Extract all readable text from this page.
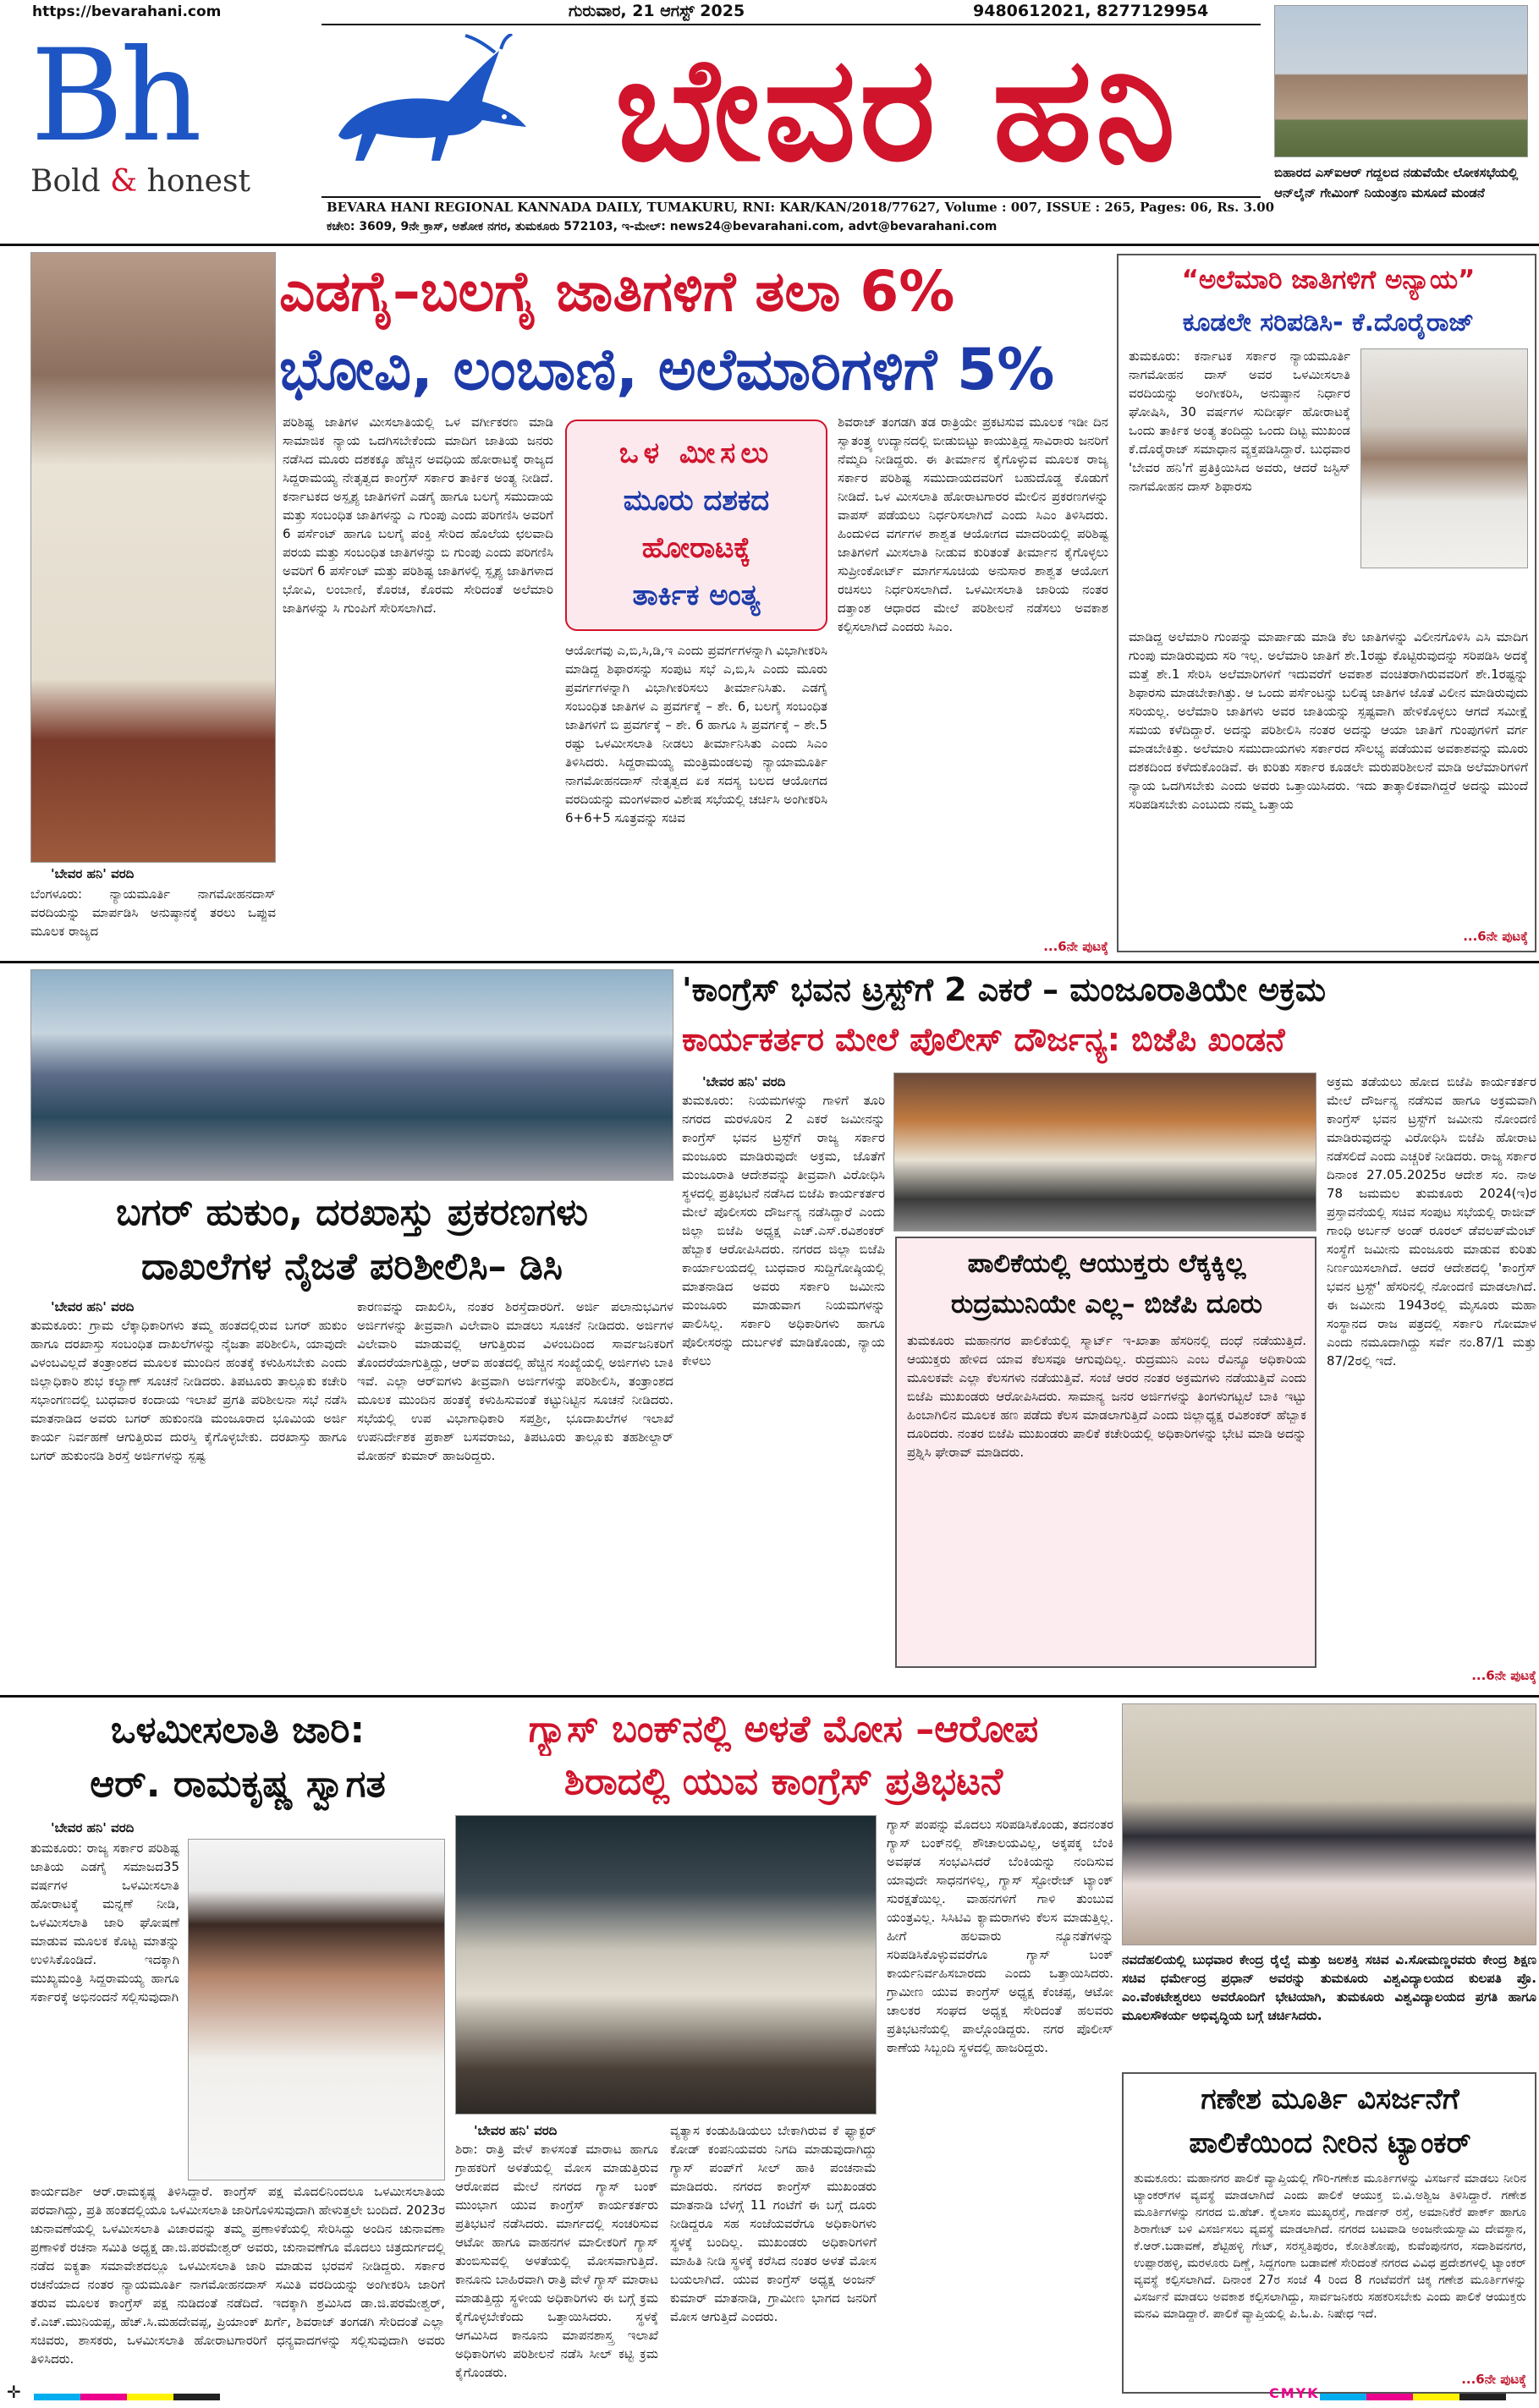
https://bevarahani.com	ಗುರುವಾರ, 21 ಆಗಸ್ಟ್ 2025	9480612021, 8277129954
Bh
Bold & honest	ಬೇವರ ಹನಿ
BEVARA HANI REGIONAL KANNADA DAILY, TUMAKURU, RNI: KAR/KAN/2018/77627, Volume : 007, ISSUE : 265, Pages: 06, Rs. 3.00
ಕಚೇರಿ: 3609, 9ನೇ ಕ್ರಾಸ್, ಅಶೋಕ ನಗರ, ತುಮಕೂರು 572103, ಇ-ಮೇಲ್: news24@bevarahani.com, advt@bevarahani.com
ಬಿಹಾರದ ಎಸ್‌ಐಆರ್ ಗದ್ದಲದ ನಡುವೆಯೇ ಲೋಕಸಭೆಯಲ್ಲಿ ಆನ್‌ಲೈನ್ ಗೇಮಿಂಗ್ ನಿಯಂತ್ರಣ ಮಸೂದೆ ಮಂಡನೆ
'ಬೇವರ ಹನಿ' ವರದಿ
ಬೆಂಗಳೂರು: ನ್ಯಾಯಮೂರ್ತಿ ನಾಗಮೋಹನದಾಸ್ ವರದಿಯನ್ನು ಮಾರ್ಪಡಿಸಿ ಅನುಷ್ಠಾನಕ್ಕೆ ತರಲು ಒಪ್ಪುವ ಮೂಲಕ ರಾಜ್ಯದ
ಎಡಗೈ–ಬಲಗೈ ಜಾತಿಗಳಿಗೆ ತಲಾ 6%
ಭೋವಿ, ಲಂಬಾಣಿ, ಅಲೆಮಾರಿಗಳಿಗೆ 5%
ಪರಿಶಿಷ್ಟ ಜಾತಿಗಳ ಮೀಸಲಾತಿಯಲ್ಲಿ ಒಳ ವರ್ಗೀಕರಣ ಮಾಡಿ ಸಾಮಾಜಿಕ ನ್ಯಾಯ ಒದಗಿಸಬೇಕೆಂದು ಮಾದಿಗ ಜಾತಿಯ ಜನರು ನಡೆಸಿದ ಮೂರು ದಶಕಕ್ಕೂ ಹೆಚ್ಚಿನ ಅವಧಿಯ ಹೋರಾಟಕ್ಕೆ ರಾಜ್ಯದ ಸಿದ್ದರಾಮಯ್ಯ ನೇತೃತ್ವದ ಕಾಂಗ್ರೆಸ್ ಸರ್ಕಾರ ತಾರ್ಕಿಕ ಅಂತ್ಯ ನೀಡಿದೆ. ಕರ್ನಾಟಕದ ಅಸ್ಪೃಶ್ಯ ಜಾತಿಗಳಿಗೆ ಎಡಗೈ ಹಾಗೂ ಬಲಗೈ ಸಮುದಾಯ ಮತ್ತು ಸಂಬಂಧಿತ ಜಾತಿಗಳನ್ನು ಎ ಗುಂಪು ಎಂದು ಪರಿಗಣಿಸಿ ಅವರಿಗೆ 6 ಪರ್ಸೆಂಟ್ ಹಾಗೂ ಬಲಗೈ ಪಂಕ್ತಿ ಸೇರಿದ ಹೊಲೆಯ ಛಲವಾದಿ ಪರಯ ಮತ್ತು ಸಂಬಂಧಿತ ಜಾತಿಗಳನ್ನು ಬಿ ಗುಂಪು ಎಂದು ಪರಿಗಣಿಸಿ ಅವರಿಗೆ 6 ಪರ್ಸೆಂಟ್ ಮತ್ತು ಪರಿಶಿಷ್ಟ ಜಾತಿಗಳಲ್ಲಿ ಸ್ಪೃಶ್ಯ ಜಾತಿಗಳಾದ ಭೋವಿ, ಲಂಬಾಣಿ, ಕೊರಚ, ಕೊರಮ ಸೇರಿದಂತೆ ಅಲೆಮಾರಿ ಜಾತಿಗಳನ್ನು ಸಿ ಗುಂಪಿಗೆ ಸೇರಿಸಲಾಗಿದೆ.
ಒಳ ಮೀಸಲು
ಮೂರು ದಶಕದ
ಹೋರಾಟಕ್ಕೆ
ತಾರ್ಕಿಕ ಅಂತ್ಯ
ಆಯೋಗವು ಎ,ಬಿ,ಸಿ,ಡಿ,ಇ ಎಂದು ಪ್ರವರ್ಗಗಳನ್ನಾಗಿ ವಿಭಾಗೀಕರಿಸಿ ಮಾಡಿದ್ದ ಶಿಫಾರಸನ್ನು ಸಂಪುಟ ಸಭೆ ಎ,ಬಿ,ಸಿ ಎಂದು ಮೂರು ಪ್ರವರ್ಗಗಳನ್ನಾಗಿ ವಿಭಾಗೀಕರಿಸಲು ತೀರ್ಮಾನಿಸಿತು. ಎಡಗೈ ಸಂಬಂಧಿತ ಜಾತಿಗಳ ಎ ಪ್ರವರ್ಗಕ್ಕೆ – ಶೇ. 6, ಬಲಗೈ ಸಂಬಂಧಿತ ಜಾತಿಗಳಿಗೆ ಬಿ ಪ್ರವರ್ಗಕ್ಕೆ – ಶೇ. 6 ಹಾಗೂ ಸಿ ಪ್ರವರ್ಗಕ್ಕೆ – ಶೇ.5 ರಷ್ಟು ಒಳಮೀಸಲಾತಿ ನೀಡಲು ತೀರ್ಮಾನಿಸಿತು ಎಂದು ಸಿಎಂ ತಿಳಿಸಿದರು. ಸಿದ್ದರಾಮಯ್ಯ ಮಂತ್ರಿಮಂಡಲವು ನ್ಯಾಯಾಮೂರ್ತಿ ನಾಗಮೋಹನದಾಸ್ ನೇತೃತ್ವದ ಏಕ ಸದಸ್ಯ ಬಲದ ಆಯೋಗದ ವರದಿಯನ್ನು ಮಂಗಳವಾರ ವಿಶೇಷ ಸಭೆಯಲ್ಲಿ ಚರ್ಚಿಸಿ ಅಂಗೀಕರಿಸಿ 6+6+5 ಸೂತ್ರವನ್ನು ಸಚಿವ
ಶಿವರಾಜ್ ತಂಗಡಗಿ ತಡ ರಾತ್ರಿಯೇ ಪ್ರಕಟಿಸುವ ಮೂಲಕ ಇಡೀ ದಿನ ಸ್ವಾತಂತ್ರ್ಯ ಉದ್ಯಾನದಲ್ಲಿ ಬೀಡುಬಿಟ್ಟು ಕಾಯುತ್ತಿದ್ದ ಸಾವಿರಾರು ಜನರಿಗೆ ನೆಮ್ಮದಿ ನೀಡಿದ್ದರು. ಈ ತೀರ್ಮಾನ ಕೈಗೊಳ್ಳುವ ಮೂಲಕ ರಾಜ್ಯ ಸರ್ಕಾರ ಪರಿಶಿಷ್ಟ ಸಮುದಾಯದವರಿಗೆ ಬಹುದೊಡ್ಡ ಕೊಡುಗೆ ನೀಡಿದೆ. ಒಳ ಮೀಸಲಾತಿ ಹೋರಾಟಗಾರರ ಮೇಲಿನ ಪ್ರಕರಣಗಳನ್ನು ವಾಪಸ್ ಪಡೆಯಲು ನಿರ್ಧರಿಸಲಾಗಿದೆ ಎಂದು ಸಿಎಂ ತಿಳಿಸಿದರು. ಹಿಂದುಳಿದ ವರ್ಗಗಳ ಶಾಶ್ವತ ಆಯೋಗದ ಮಾದರಿಯಲ್ಲಿ ಪರಿಶಿಷ್ಟ ಜಾತಿಗಳಿಗೆ ಮೀಸಲಾತಿ ನೀಡುವ ಕುರಿತಂತೆ ತೀರ್ಮಾನ ಕೈಗೊಳ್ಳಲು ಸುಪ್ರೀಂಕೋರ್ಟ್ ಮಾರ್ಗಸೂಚಿಯ ಅನುಸಾರ ಶಾಶ್ವತ ಆಯೋಗ ರಚಿಸಲು ನಿರ್ಧರಿಸಲಾಗಿದೆ. ಒಳಮೀಸಲಾತಿ ಜಾರಿಯ ನಂತರ ದತ್ತಾಂಶ ಆಧಾರದ ಮೇಲೆ ಪರಿಶೀಲನೆ ನಡೆಸಲು ಅವಕಾಶ ಕಲ್ಪಿಸಲಾಗಿದೆ ಎಂದರು ಸಿಎಂ.
...6ನೇ ಪುಟಕ್ಕೆ
“ಅಲೆಮಾರಿ ಜಾತಿಗಳಿಗೆ ಅನ್ಯಾಯ”
ಕೂಡಲೇ ಸರಿಪಡಿಸಿ- ಕೆ.ದೊರೈರಾಜ್
ತುಮಕೂರು: ಕರ್ನಾಟಕ ಸರ್ಕಾರ ನ್ಯಾಯಮೂರ್ತಿ ನಾಗಮೋಹನ ದಾಸ್ ಅವರ ಒಳಮೀಸಲಾತಿ ವರದಿಯನ್ನು ಅಂಗೀಕರಿಸಿ, ಅನುಷ್ಠಾನ ನಿರ್ಧಾರ ಘೋಷಿಸಿ, 30 ವರ್ಷಗಳ ಸುದೀರ್ಘ ಹೋರಾಟಕ್ಕೆ ಒಂದು ತಾರ್ಕಿಕ ಅಂತ್ಯ ತಂದಿದ್ದು ಒಂದು ದಿಟ್ಟ ಮುಖಂಡ ಕೆ.ದೊರೈರಾಜ್ ಸಮಾಧಾನ ವ್ಯಕ್ತಪಡಿಸಿದ್ದಾರೆ. ಬುಧವಾರ 'ಬೇವರ ಹನಿ'ಗೆ ಪ್ರತಿಕ್ರಿಯಿಸಿದ ಅವರು, ಆದರೆ ಜಸ್ಟಿಸ್ ನಾಗಮೋಹನ ದಾಸ್ ಶಿಫಾರಸು
ಮಾಡಿದ್ದ ಅಲೆಮಾರಿ ಗುಂಪನ್ನು ಮಾರ್ಪಾಡು ಮಾಡಿ ಕೆಲ ಜಾತಿಗಳನ್ನು ವಿಲೀನಗೊಳಿಸಿ ಎಸಿ ಮಾದಿಗ ಗುಂಪು ಮಾಡಿರುವುದು ಸರಿ ಇಲ್ಲ. ಅಲೆಮಾರಿ ಜಾತಿಗೆ ಶೇ.1ರಷ್ಟು ಕೊಟ್ಟಿರುವುದನ್ನು ಸರಿಪಡಿಸಿ ಅದಕ್ಕೆ ಮತ್ತೆ ಶೇ.1 ಸೇರಿಸಿ ಅಲೆಮಾರಿಗಳಿಗೆ ಇದುವರೆಗೆ ಅವಕಾಶ ವಂಚಿತರಾಗಿರುವವರಿಗೆ ಶೇ.1ರಷ್ಟನ್ನು ಶಿಫಾರಸು ಮಾಡಬೇಕಾಗಿತ್ತು. ಆ ಒಂದು ಪರ್ಸೆಂಟನ್ನು ಬಲಿಷ್ಠ ಜಾತಿಗಳ ಜೊತೆ ವಿಲೀನ ಮಾಡಿರುವುದು ಸರಿಯಲ್ಲ. ಅಲೆಮಾರಿ ಜಾತಿಗಳು ಅವರ ಜಾತಿಯನ್ನು ಸ್ಪಷ್ಟವಾಗಿ ಹೇಳಿಕೊಳ್ಳಲು ಆಗದೆ ಸಮೀಕ್ಷೆ ಸಮಯ ಕಳೆದಿದ್ದಾರೆ. ಅದನ್ನು ಪರಿಶೀಲಿಸಿ ನಂತರ ಅದನ್ನು ಆಯಾ ಜಾತಿಗೆ ಗುಂಪುಗಳಿಗೆ ವರ್ಗ ಮಾಡಬೇಕಿತ್ತು. ಅಲೆಮಾರಿ ಸಮುದಾಯಗಳು ಸರ್ಕಾರದ ಸೌಲಭ್ಯ ಪಡೆಯುವ ಅವಕಾಶವನ್ನು ಮೂರು ದಶಕದಿಂದ ಕಳೆದುಕೊಂಡಿವೆ. ಈ ಕುರಿತು ಸರ್ಕಾರ ಕೂಡಲೇ ಮರುಪರಿಶೀಲನೆ ಮಾಡಿ ಅಲೆಮಾರಿಗಳಿಗೆ ನ್ಯಾಯ ಒದಗಿಸಬೇಕು ಎಂದು ಅವರು ಒತ್ತಾಯಿಸಿದರು. ಇದು ತಾತ್ಕಾಲಿಕವಾಗಿದ್ದರೆ ಅದನ್ನು ಮುಂದೆ ಸರಿಪಡಿಸಬೇಕು ಎಂಬುದು ನಮ್ಮ ಒತ್ತಾಯ
...6ನೇ ಪುಟಕ್ಕೆ
ಬಗರ್ ಹುಕುಂ, ದರಖಾಸ್ತು ಪ್ರಕರಣಗಳು
ದಾಖಲೆಗಳ ನೈಜತೆ ಪರಿಶೀಲಿಸಿ– ಡಿಸಿ
'ಬೇವರ ಹನಿ' ವರದಿ
ತುಮಕೂರು: ಗ್ರಾಮ ಲೆಕ್ಕಾಧಿಕಾರಿಗಳು ತಮ್ಮ ಹಂತದಲ್ಲಿರುವ ಬಗರ್ ಹುಕುಂ ಹಾಗೂ ದರಖಾಸ್ತು ಸಂಬಂಧಿತ ದಾಖಲೆಗಳನ್ನು ನೈಜತಾ ಪರಿಶೀಲಿಸಿ, ಯಾವುದೇ ವಿಳಂಬವಿಲ್ಲದೆ ತಂತ್ರಾಂಶದ ಮೂಲಕ ಮುಂದಿನ ಹಂತಕ್ಕೆ ಕಳುಹಿಸಬೇಕು ಎಂದು ಜಿಲ್ಲಾಧಿಕಾರಿ ಶುಭ ಕಲ್ಯಾಣ್ ಸೂಚನೆ ನೀಡಿದರು. ತಿಪಟೂರು ತಾಲ್ಲೂಕು ಕಚೇರಿ ಸಭಾಂಗಣದಲ್ಲಿ ಬುಧವಾರ ಕಂದಾಯ ಇಲಾಖೆ ಪ್ರಗತಿ ಪರಿಶೀಲನಾ ಸಭೆ ನಡೆಸಿ ಮಾತನಾಡಿದ ಅವರು ಬಗರ್ ಹುಕುಂನಡಿ ಮಂಜೂರಾದ ಭೂಮಿಯ ಅರ್ಜಿ ಕಾರ್ಯ ನಿರ್ವಹಣೆ ಆಗುತ್ತಿರುವ ದುರಸ್ತಿ ಕೈಗೊಳ್ಳಬೇಕು. ದರಖಾಸ್ತು ಹಾಗೂ ಬಗರ್ ಹುಕುಂನಡಿ ಶಿರಸ್ತೆ ಅರ್ಜಿಗಳನ್ನು ಸ್ಪಷ್ಟ
ಕಾರಣವನ್ನು ದಾಖಲಿಸಿ, ನಂತರ ಶಿರಸ್ತೆದಾರರಿಗೆ. ಅರ್ಜಿ ಪಲಾನುಭವಿಗಳ ಅರ್ಜಿಗಳನ್ನು ತೀವ್ರವಾಗಿ ವಿಲೇವಾರಿ ಮಾಡಲು ಸೂಚನೆ ನೀಡಿದರು. ಅರ್ಜಿಗಳ ವಿಲೇವಾರಿ ಮಾಡುವಲ್ಲಿ ಆಗುತ್ತಿರುವ ವಿಳಂಬದಿಂದ ಸಾರ್ವಜನಿಕರಿಗೆ ತೊಂದರೆಯಾಗುತ್ತಿದ್ದು, ಆರ್‌ಐ ಹಂತದಲ್ಲಿ ಹೆಚ್ಚಿನ ಸಂಖ್ಯೆಯಲ್ಲಿ ಅರ್ಜಿಗಳು ಬಾಕಿ ಇವೆ. ಎಲ್ಲಾ ಆರ್‌ಐಗಳು ತೀವ್ರವಾಗಿ ಅರ್ಜಿಗಳನ್ನು ಪರಿಶೀಲಿಸಿ, ತಂತ್ರಾಂಶದ ಮೂಲಕ ಮುಂದಿನ ಹಂತಕ್ಕೆ ಕಳುಹಿಸುವಂತೆ ಕಟ್ಟುನಿಟ್ಟಿನ ಸೂಚನೆ ನೀಡಿದರು. ಸಭೆಯಲ್ಲಿ ಉಪ ವಿಭಾಗಾಧಿಕಾರಿ ಸಪ್ತಶ್ರೀ, ಭೂದಾಖಲೆಗಳ ಇಲಾಖೆ ಉಪನಿರ್ದೇಶಕ ಪ್ರಕಾಶ್ ಬಸವರಾಜು, ತಿಪಟೂರು ತಾಲ್ಲೂಕು ತಹಶೀಲ್ದಾರ್ ಮೋಹನ್ ಕುಮಾರ್ ಹಾಜರಿದ್ದರು.
'ಕಾಂಗ್ರೆಸ್ ಭವನ ಟ್ರಸ್ಟ್‌ಗೆ 2 ಎಕರೆ – ಮಂಜೂರಾತಿಯೇ ಅಕ್ರಮ
ಕಾರ್ಯಕರ್ತರ ಮೇಲೆ ಪೊಲೀಸ್ ದೌರ್ಜನ್ಯ: ಬಿಜೆಪಿ ಖಂಡನೆ
'ಬೇವರ ಹನಿ' ವರದಿ
ತುಮಕೂರು: ನಿಯಮಗಳನ್ನು ಗಾಳಿಗೆ ತೂರಿ ನಗರದ ಮರಳೂರಿನ 2 ಎಕರೆ ಜಮೀನನ್ನು ಕಾಂಗ್ರೆಸ್ ಭವನ ಟ್ರಸ್ಟ್‌ಗೆ ರಾಜ್ಯ ಸರ್ಕಾರ ಮಂಜೂರು ಮಾಡಿರುವುದೇ ಅಕ್ರಮ, ಜೊತೆಗೆ ಮಂಜೂರಾತಿ ಆದೇಶವನ್ನು ತೀವ್ರವಾಗಿ ವಿರೋಧಿಸಿ ಸ್ಥಳದಲ್ಲಿ ಪ್ರತಿಭಟನೆ ನಡೆಸಿದ ಬಿಜೆಪಿ ಕಾರ್ಯಕರ್ತರ ಮೇಲೆ ಪೊಲೀಸರು ದೌರ್ಜನ್ಯ ನಡೆಸಿದ್ದಾರೆ ಎಂದು ಜಿಲ್ಲಾ ಬಿಜೆಪಿ ಅಧ್ಯಕ್ಷ ಎಚ್.ಎಸ್.ರವಿಶಂಕರ್ ಹೆಬ್ಬಾಕ ಆರೋಪಿಸಿದರು. ನಗರದ ಜಿಲ್ಲಾ ಬಿಜೆಪಿ ಕಾರ್ಯಾಲಯದಲ್ಲಿ ಬುಧವಾರ ಸುದ್ದಿಗೋಷ್ಠಿಯಲ್ಲಿ ಮಾತನಾಡಿದ ಅವರು ಸರ್ಕಾರಿ ಜಮೀನು ಮಂಜೂರು ಮಾಡುವಾಗ ನಿಯಮಗಳನ್ನು ಪಾಲಿಸಿಲ್ಲ. ಸರ್ಕಾರಿ ಅಧಿಕಾರಿಗಳು ಹಾಗೂ ಪೊಲೀಸರನ್ನು ದುರ್ಬಳಕೆ ಮಾಡಿಕೊಂಡು, ನ್ಯಾಯ ಕೇಳಲು
ಅಕ್ರಮ ತಡೆಯಲು ಹೋದ ಬಿಜೆಪಿ ಕಾರ್ಯಕರ್ತರ ಮೇಲೆ ದೌರ್ಜನ್ಯ ನಡೆಸುವ ಹಾಗೂ ಅಕ್ರಮವಾಗಿ ಕಾಂಗ್ರೆಸ್ ಭವನ ಟ್ರಸ್ಟ್‌ಗೆ ಜಮೀನು ನೋಂದಣಿ ಮಾಡಿರುವುದನ್ನು ವಿರೋಧಿಸಿ ಬಿಜೆಪಿ ಹೋರಾಟ ನಡೆಸಲಿದೆ ಎಂದು ಎಚ್ಚರಿಕೆ ನೀಡಿದರು. ರಾಜ್ಯ ಸರ್ಕಾರ ದಿನಾಂಕ 27.05.2025ರ ಆದೇಶ ಸಂ. ನಾಅ 78 ಜಮಮಲ ತುಮಕೂರು 2024(ಇ)ರ ಪ್ರಸ್ತಾವನೆಯಲ್ಲಿ ಸಚಿವ ಸಂಪುಟ ಸಭೆಯಲ್ಲಿ ರಾಜೀವ್ ಗಾಂಧಿ ಅರ್ಬನ್ ಅಂಡ್ ರೂರಲ್ ಡೆವಲಪ್‌ಮೆಂಟ್ ಸಂಸ್ಥೆಗೆ ಜಮೀನು ಮಂಜೂರು ಮಾಡುವ ಕುರಿತು ನಿರ್ಣಯಿಸಲಾಗಿದೆ. ಆದರೆ ಆದೇಶದಲ್ಲಿ 'ಕಾಂಗ್ರೆಸ್ ಭವನ ಟ್ರಸ್ಟ್' ಹೆಸರಿನಲ್ಲಿ ನೋಂದಣಿ ಮಾಡಲಾಗಿದೆ. ಈ ಜಮೀನು 1943ರಲ್ಲಿ ಮೈಸೂರು ಮಹಾ ಸಂಸ್ಥಾನದ ರಾಜ ಪತ್ರದಲ್ಲಿ ಸರ್ಕಾರಿ ಗೋಮಾಳ ಎಂದು ನಮೂದಾಗಿದ್ದು ಸರ್ವೆ ನಂ.87/1 ಮತ್ತು 87/2ರಲ್ಲಿ ಇದೆ.
...6ನೇ ಪುಟಕ್ಕೆ
ಪಾಲಿಕೆಯಲ್ಲಿ ಆಯುಕ್ತರು ಲೆಕ್ಕಕ್ಕಿಲ್ಲ
ರುದ್ರಮುನಿಯೇ ಎಲ್ಲ– ಬಿಜೆಪಿ ದೂರು
ತುಮಕೂರು ಮಹಾನಗರ ಪಾಲಿಕೆಯಲ್ಲಿ ಸ್ಮಾರ್ಟ್ ಇ-ಖಾತಾ ಹೆಸರಿನಲ್ಲಿ ದಂಧೆ ನಡೆಯುತ್ತಿದೆ. ಆಯುಕ್ತರು ಹೇಳಿದ ಯಾವ ಕೆಲಸವೂ ಆಗುವುದಿಲ್ಲ. ರುದ್ರಮುನಿ ಎಂಬ ರೆವಿನ್ಯೂ ಅಧಿಕಾರಿಯ ಮೂಲಕವೇ ಎಲ್ಲಾ ಕೆಲಸಗಳು ನಡೆಯುತ್ತಿವೆ. ಸಂಜೆ ಆರರ ನಂತರ ಅಕ್ರಮಗಳು ನಡೆಯುತ್ತಿವೆ ಎಂದು ಬಿಜೆಪಿ ಮುಖಂಡರು ಆರೋಪಿಸಿದರು. ಸಾಮಾನ್ಯ ಜನರ ಅರ್ಜಿಗಳನ್ನು ತಿಂಗಳುಗಟ್ಟಲೆ ಬಾಕಿ ಇಟ್ಟು ಹಿಂಬಾಗಿಲಿನ ಮೂಲಕ ಹಣ ಪಡೆದು ಕೆಲಸ ಮಾಡಲಾಗುತ್ತಿದೆ ಎಂದು ಜಿಲ್ಲಾಧ್ಯಕ್ಷ ರವಿಶಂಕರ್ ಹೆಬ್ಬಾಕ ದೂರಿದರು. ನಂತರ ಬಿಜೆಪಿ ಮುಖಂಡರು ಪಾಲಿಕೆ ಕಚೇರಿಯಲ್ಲಿ ಅಧಿಕಾರಿಗಳನ್ನು ಭೇಟಿ ಮಾಡಿ ಅದನ್ನು ಪ್ರಶ್ನಿಸಿ ಘೇರಾವ್ ಮಾಡಿದರು.
ಒಳಮೀಸಲಾತಿ ಜಾರಿ:
ಆರ್. ರಾಮಕೃಷ್ಣ ಸ್ವಾಗತ
'ಬೇವರ ಹನಿ' ವರದಿ
ತುಮಕೂರು: ರಾಜ್ಯ ಸರ್ಕಾರ ಪರಿಶಿಷ್ಟ ಜಾತಿಯ ಎಡಗೈ ಸಮಾಜದ35 ವರ್ಷಗಳ ಒಳಮೀಸಲಾತಿ ಹೋರಾಟಕ್ಕೆ ಮನ್ನಣೆ ನೀಡಿ, ಒಳಮೀಸಲಾತಿ ಜಾರಿ ಘೋಷಣೆ ಮಾಡುವ ಮೂಲಕ ಕೊಟ್ಟ ಮಾತನ್ನು ಉಳಿಸಿಕೊಂಡಿದೆ. ಇದಕ್ಕಾಗಿ ಮುಖ್ಯಮಂತ್ರಿ ಸಿದ್ದರಾಮಯ್ಯ ಹಾಗೂ ಸರ್ಕಾರಕ್ಕೆ ಅಭಿನಂದನೆ ಸಲ್ಲಿಸುವುದಾಗಿ
ಕಾರ್ಯದರ್ಶಿ ಆರ್.ರಾಮಕೃಷ್ಣ ತಿಳಿಸಿದ್ದಾರೆ. ಕಾಂಗ್ರೆಸ್ ಪಕ್ಷ ಮೊದಲಿನಿಂದಲೂ ಒಳಮೀಸಲಾತಿಯ ಪರವಾಗಿದ್ದು, ಪ್ರತಿ ಹಂತದಲ್ಲಿಯೂ ಒಳಮೀಸಲಾತಿ ಜಾರಿಗೊಳಿಸುವುದಾಗಿ ಹೇಳುತ್ತಲೇ ಬಂದಿದೆ. 2023ರ ಚುನಾವಣೆಯಲ್ಲಿ ಒಳಮೀಸಲಾತಿ ವಿಚಾರವನ್ನು ತಮ್ಮ ಪ್ರಣಾಳಿಕೆಯಲ್ಲಿ ಸೇರಿಸಿದ್ದು ಅಂದಿನ ಚುನಾವಣಾ ಪ್ರಣಾಳಿಕೆ ರಚನಾ ಸಮಿತಿ ಅಧ್ಯಕ್ಷ ಡಾ.ಜಿ.ಪರಮೇಶ್ವರ್ ಅವರು, ಚುನಾವಣೆಗೂ ಮೊದಲು ಚಿತ್ರದುರ್ಗದಲ್ಲಿ ನಡೆದ ಐಕ್ಯತಾ ಸಮಾವೇಶದಲ್ಲೂ ಒಳಮೀಸಲಾತಿ ಜಾರಿ ಮಾಡುವ ಭರವಸೆ ನೀಡಿದ್ದರು. ಸರ್ಕಾರ ರಚನೆಯಾದ ನಂತರ ನ್ಯಾಯಮೂರ್ತಿ ನಾಗಮೋಹನದಾಸ್ ಸಮಿತಿ ವರದಿಯನ್ನು ಅಂಗೀಕರಿಸಿ ಜಾರಿಗೆ ತರುವ ಮೂಲಕ ಕಾಂಗ್ರೆಸ್ ಪಕ್ಷ ನುಡಿದಂತೆ ನಡೆದಿದೆ. ಇದಕ್ಕಾಗಿ ಶ್ರಮಿಸಿದ ಡಾ.ಜಿ.ಪರಮೇಶ್ವರ್, ಕೆ.ಎಚ್.ಮುನಿಯಪ್ಪ, ಹೆಚ್.ಸಿ.ಮಹದೇವಪ್ಪ, ಪ್ರಿಯಾಂಕ್ ಖರ್ಗೆ, ಶಿವರಾಜ್ ತಂಗಡಗಿ ಸೇರಿದಂತೆ ಎಲ್ಲಾ ಸಚಿವರು, ಶಾಸಕರು, ಒಳಮೀಸಲಾತಿ ಹೋರಾಟಗಾರರಿಗೆ ಧನ್ಯವಾದಗಳನ್ನು ಸಲ್ಲಿಸುವುದಾಗಿ ಅವರು ತಿಳಿಸಿದರು.
ಗ್ಯಾಸ್ ಬಂಕ್‌ನಲ್ಲಿ ಅಳತೆ ಮೋಸ –ಆರೋಪ
ಶಿರಾದಲ್ಲಿ ಯುವ ಕಾಂಗ್ರೆಸ್ ಪ್ರತಿಭಟನೆ
'ಬೇವರ ಹನಿ' ವರದಿ
ಶಿರಾ: ರಾತ್ರಿ ವೇಳೆ ಕಾಳಸಂತೆ ಮಾರಾಟ ಹಾಗೂ ಗ್ರಾಹಕರಿಗೆ ಅಳತೆಯಲ್ಲಿ ಮೋಸ ಮಾಡುತ್ತಿರುವ ಆರೋಪದ ಮೇಲೆ ನಗರದ ಗ್ಯಾಸ್ ಬಂಕ್ ಮುಂಭಾಗ ಯುವ ಕಾಂಗ್ರೆಸ್ ಕಾರ್ಯಕರ್ತರು ಪ್ರತಿಭಟನೆ ನಡೆಸಿದರು. ಮಾರ್ಗದಲ್ಲಿ ಸಂಚರಿಸುವ ಆಟೋ ಹಾಗೂ ವಾಹನಗಳ ಮಾಲೀಕರಿಗೆ ಗ್ಯಾಸ್ ತುಂಬಿಸುವಲ್ಲಿ ಅಳತೆಯಲ್ಲಿ ಮೋಸವಾಗುತ್ತಿದೆ. ಕಾನೂನು ಬಾಹಿರವಾಗಿ ರಾತ್ರಿ ವೇಳೆ ಗ್ಯಾಸ್ ಮಾರಾಟ ಮಾಡುತ್ತಿದ್ದು ಸ್ಥಳೀಯ ಅಧಿಕಾರಿಗಳು ಈ ಬಗ್ಗೆ ಕ್ರಮ ಕೈಗೊಳ್ಳಬೇಕೆಂದು ಒತ್ತಾಯಿಸಿದರು. ಸ್ಥಳಕ್ಕೆ ಆಗಮಿಸಿದ ಕಾನೂನು ಮಾಪನಶಾಸ್ತ್ರ ಇಲಾಖೆ ಅಧಿಕಾರಿಗಳು ಪರಿಶೀಲನೆ ನಡೆಸಿ ಸೀಲ್ ಕಟ್ಟಿ ಕ್ರಮ ಕೈಗೊಂಡರು.
ವ್ಯತ್ಯಾಸ ಕಂಡುಹಿಡಿಯಲು ಬೇಕಾಗಿರುವ ಕೆ ಫ್ಯಾಕ್ಟರ್ ಕೋಡ್ ಕಂಪನಿಯವರು ನಿಗದಿ ಮಾಡುವುದಾಗಿದ್ದು ಗ್ಯಾಸ್ ಪಂಪ್‌ಗೆ ಸೀಲ್ ಹಾಕಿ ಪಂಚನಾಮೆ ಮಾಡಿದರು. ನಗರದ ಕಾಂಗ್ರೆಸ್ ಮುಖಂಡರು ಮಾತನಾಡಿ ಬೆಳಗ್ಗೆ 11 ಗಂಟೆಗೆ ಈ ಬಗ್ಗೆ ದೂರು ನೀಡಿದ್ದರೂ ಸಹ ಸಂಜೆಯವರೆಗೂ ಅಧಿಕಾರಿಗಳು ಸ್ಥಳಕ್ಕೆ ಬಂದಿಲ್ಲ. ಮುಖಂಡರು ಅಧಿಕಾರಿಗಳಿಗೆ ಮಾಹಿತಿ ನೀಡಿ ಸ್ಥಳಕ್ಕೆ ಕರೆಸಿದ ನಂತರ ಅಳತೆ ಮೋಸ ಬಯಲಾಗಿದೆ. ಯುವ ಕಾಂಗ್ರೆಸ್ ಅಧ್ಯಕ್ಷ ಅಂಜನ್ ಕುಮಾರ್ ಮಾತನಾಡಿ, ಗ್ರಾಮೀಣ ಭಾಗದ ಜನರಿಗೆ ಮೋಸ ಆಗುತ್ತಿದೆ ಎಂದರು.
ಗ್ಯಾಸ್ ಪಂಪನ್ನು ಮೊದಲು ಸರಿಪಡಿಸಿಕೊಂಡು, ತದನಂತರ ಗ್ಯಾಸ್ ಬಂಕ್‌ನಲ್ಲಿ ಶೌಚಾಲಯವಿಲ್ಲ, ಅಕ್ಕಪಕ್ಕ ಬೆಂಕಿ ಅವಘಡ ಸಂಭವಿಸಿದರೆ ಬೆಂಕಿಯನ್ನು ನಂದಿಸುವ ಯಾವುದೇ ಸಾಧನಗಳಿಲ್ಲ, ಗ್ಯಾಸ್ ಸ್ಟೋರೇಜ್ ಟ್ಯಾಂಕ್ ಸುರಕ್ಷತೆಯಿಲ್ಲ. ವಾಹನಗಳಿಗೆ ಗಾಳಿ ತುಂಬುವ ಯಂತ್ರವಿಲ್ಲ. ಸಿಸಿಟಿವಿ ಕ್ಯಾಮರಾಗಳು ಕೆಲಸ ಮಾಡುತ್ತಿಲ್ಲ. ಹೀಗೆ ಹಲವಾರು ನ್ಯೂನತೆಗಳನ್ನು ಸರಿಪಡಿಸಿಕೊಳ್ಳುವವರೆಗೂ ಗ್ಯಾಸ್ ಬಂಕ್ ಕಾರ್ಯನಿರ್ವಹಿಸಬಾರದು ಎಂದು ಒತ್ತಾಯಿಸಿದರು. ಗ್ರಾಮೀಣ ಯುವ ಕಾಂಗ್ರೆಸ್ ಅಧ್ಯಕ್ಷ ಕೆಂಚಪ್ಪ, ಆಟೋ ಚಾಲಕರ ಸಂಘದ ಅಧ್ಯಕ್ಷ ಸೇರಿದಂತೆ ಹಲವರು ಪ್ರತಿಭಟನೆಯಲ್ಲಿ ಪಾಲ್ಗೊಂಡಿದ್ದರು. ನಗರ ಪೊಲೀಸ್ ಠಾಣೆಯ ಸಿಬ್ಬಂದಿ ಸ್ಥಳದಲ್ಲಿ ಹಾಜರಿದ್ದರು.
ನವದೆಹಲಿಯಲ್ಲಿ ಬುಧವಾರ ಕೇಂದ್ರ ರೈಲ್ವೆ ಮತ್ತು ಜಲಶಕ್ತಿ ಸಚಿವ ವಿ.ಸೋಮಣ್ಣರವರು ಕೇಂದ್ರ ಶಿಕ್ಷಣ ಸಚಿವ ಧರ್ಮೇಂದ್ರ ಪ್ರಧಾನ್ ಅವರನ್ನು ತುಮಕೂರು ವಿಶ್ವವಿದ್ಯಾಲಯದ ಕುಲಪತಿ ಪ್ರೊ. ಎಂ.ವೆಂಕಟೇಶ್ವರಲು ಅವರೊಂದಿಗೆ ಭೇಟಿಯಾಗಿ, ತುಮಕೂರು ವಿಶ್ವವಿದ್ಯಾಲಯದ ಪ್ರಗತಿ ಹಾಗೂ ಮೂಲಸೌಕರ್ಯ ಅಭಿವೃದ್ಧಿಯ ಬಗ್ಗೆ ಚರ್ಚಿಸಿದರು.
ಗಣೇಶ ಮೂರ್ತಿ ವಿಸರ್ಜನೆಗೆ
ಪಾಲಿಕೆಯಿಂದ ನೀರಿನ ಟ್ಯಾಂಕರ್
ತುಮಕೂರು: ಮಹಾನಗರ ಪಾಲಿಕೆ ವ್ಯಾಪ್ತಿಯಲ್ಲಿ ಗೌರಿ-ಗಣೇಶ ಮೂರ್ತಿಗಳನ್ನು ವಿಸರ್ಜನೆ ಮಾಡಲು ನೀರಿನ ಟ್ಯಾಂಕರ್‌ಗಳ ವ್ಯವಸ್ಥೆ ಮಾಡಲಾಗಿದೆ ಎಂದು ಪಾಲಿಕೆ ಆಯುಕ್ತ ಬಿ.ವಿ.ಅಶ್ವಿಜ ತಿಳಿಸಿದ್ದಾರೆ. ಗಣೇಶ ಮೂರ್ತಿಗಳನ್ನು ನಗರದ ಬಿ.ಹೆಚ್. ಕೈಲಾಸಂ ಮುಖ್ಯರಸ್ತೆ, ಗಾರ್ಡನ್ ರಸ್ತೆ, ಅಮಾನಿಕೆರೆ ಪಾರ್ಕ್ ಹಾಗೂ ಶಿರಾಗೇಟ್ ಬಳಿ ವಿಸರ್ಜಿಸಲು ವ್ಯವಸ್ಥೆ ಮಾಡಲಾಗಿದೆ. ನಗರದ ಬಟವಾಡಿ ಅಂಜನೇಯಸ್ವಾಮಿ ದೇವಸ್ಥಾನ, ಕೆ.ಆರ್.ಬಡಾವಣೆ, ಶೆಟ್ಟಿಹಳ್ಳಿ ಗೇಟ್, ಸರಸ್ವತಿಪುರಂ, ಕೋತಿತೋಪು, ಕುವೆಂಪುನಗರ, ಸದಾಶಿವನಗರ, ಉಪ್ಪಾರಹಳ್ಳಿ, ಮರಳೂರು ದಿಣ್ಣೆ, ಸಿದ್ದಗಂಗಾ ಬಡಾವಣೆ ಸೇರಿದಂತೆ ನಗರದ ವಿವಿಧ ಪ್ರದೇಶಗಳಲ್ಲಿ ಟ್ಯಾಂಕರ್ ವ್ಯವಸ್ಥೆ ಕಲ್ಪಿಸಲಾಗಿದೆ. ದಿನಾಂಕ 27ರ ಸಂಜೆ 4 ರಿಂದ 8 ಗಂಟೆವರೆಗೆ ಚಿಕ್ಕ ಗಣೇಶ ಮೂರ್ತಿಗಳನ್ನು ವಿಸರ್ಜನೆ ಮಾಡಲು ಅವಕಾಶ ಕಲ್ಪಿಸಲಾಗಿದ್ದು, ಸಾರ್ವಜನಿಕರು ಸಹಕರಿಸಬೇಕು ಎಂದು ಪಾಲಿಕೆ ಆಯುಕ್ತರು ಮನವಿ ಮಾಡಿದ್ದಾರೆ. ಪಾಲಿಕೆ ವ್ಯಾಪ್ತಿಯಲ್ಲಿ ಪಿ.ಓ.ಪಿ. ನಿಷೇಧ ಇದೆ.
...6ನೇ ಪುಟಕ್ಕೆ
✛	CMYK
